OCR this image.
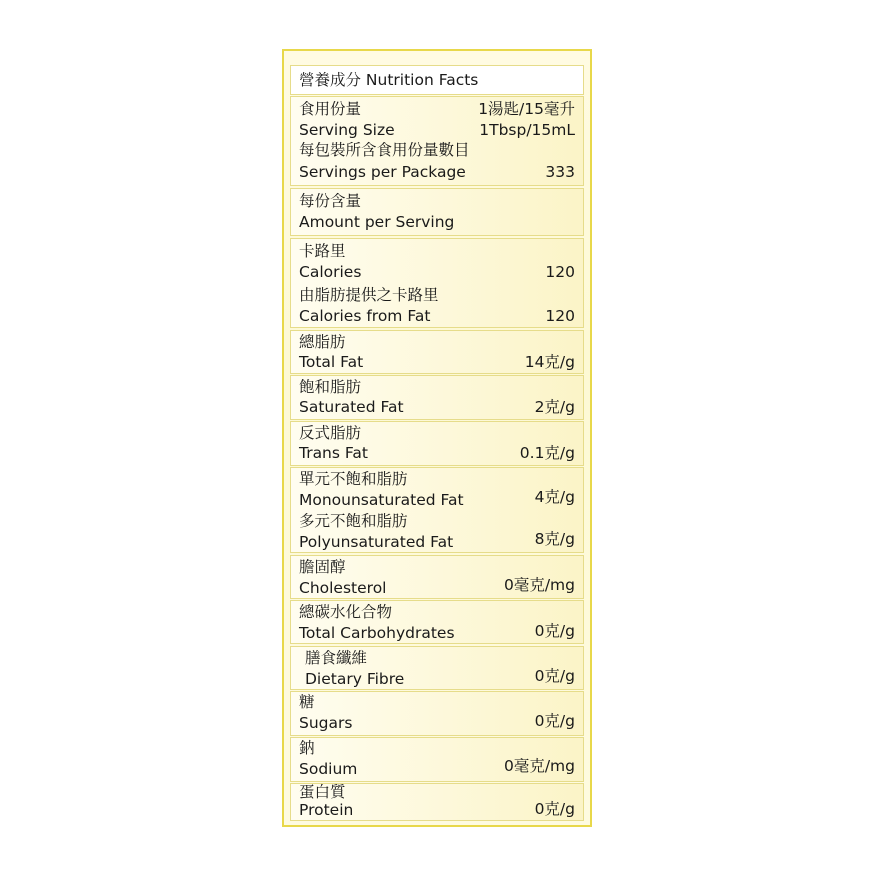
營養成分 Nutrition Facts
食用份量	1湯匙/15毫升
Serving Size	1Tbsp/15mL
每包裝所含食用份量數目
Servings per Package	333
每份含量
Amount per Serving
卡路里
Calories	120
由脂肪提供之卡路里
Calories from Fat	120
總脂肪
Total Fat	14克/g
飽和脂肪
Saturated Fat	2克/g
反式脂肪
Trans Fat	0.1克/g
單元不飽和脂肪
Monounsaturated Fat	4克/g
多元不飽和脂肪
Polyunsaturated Fat	8克/g
膽固醇
Cholesterol	0毫克/mg
總碳水化合物
Total Carbohydrates	0克/g
膳食纖維
Dietary Fibre	0克/g
糖
Sugars	0克/g
鈉
Sodium	0毫克/mg
蛋白質
Protein	0克/g
